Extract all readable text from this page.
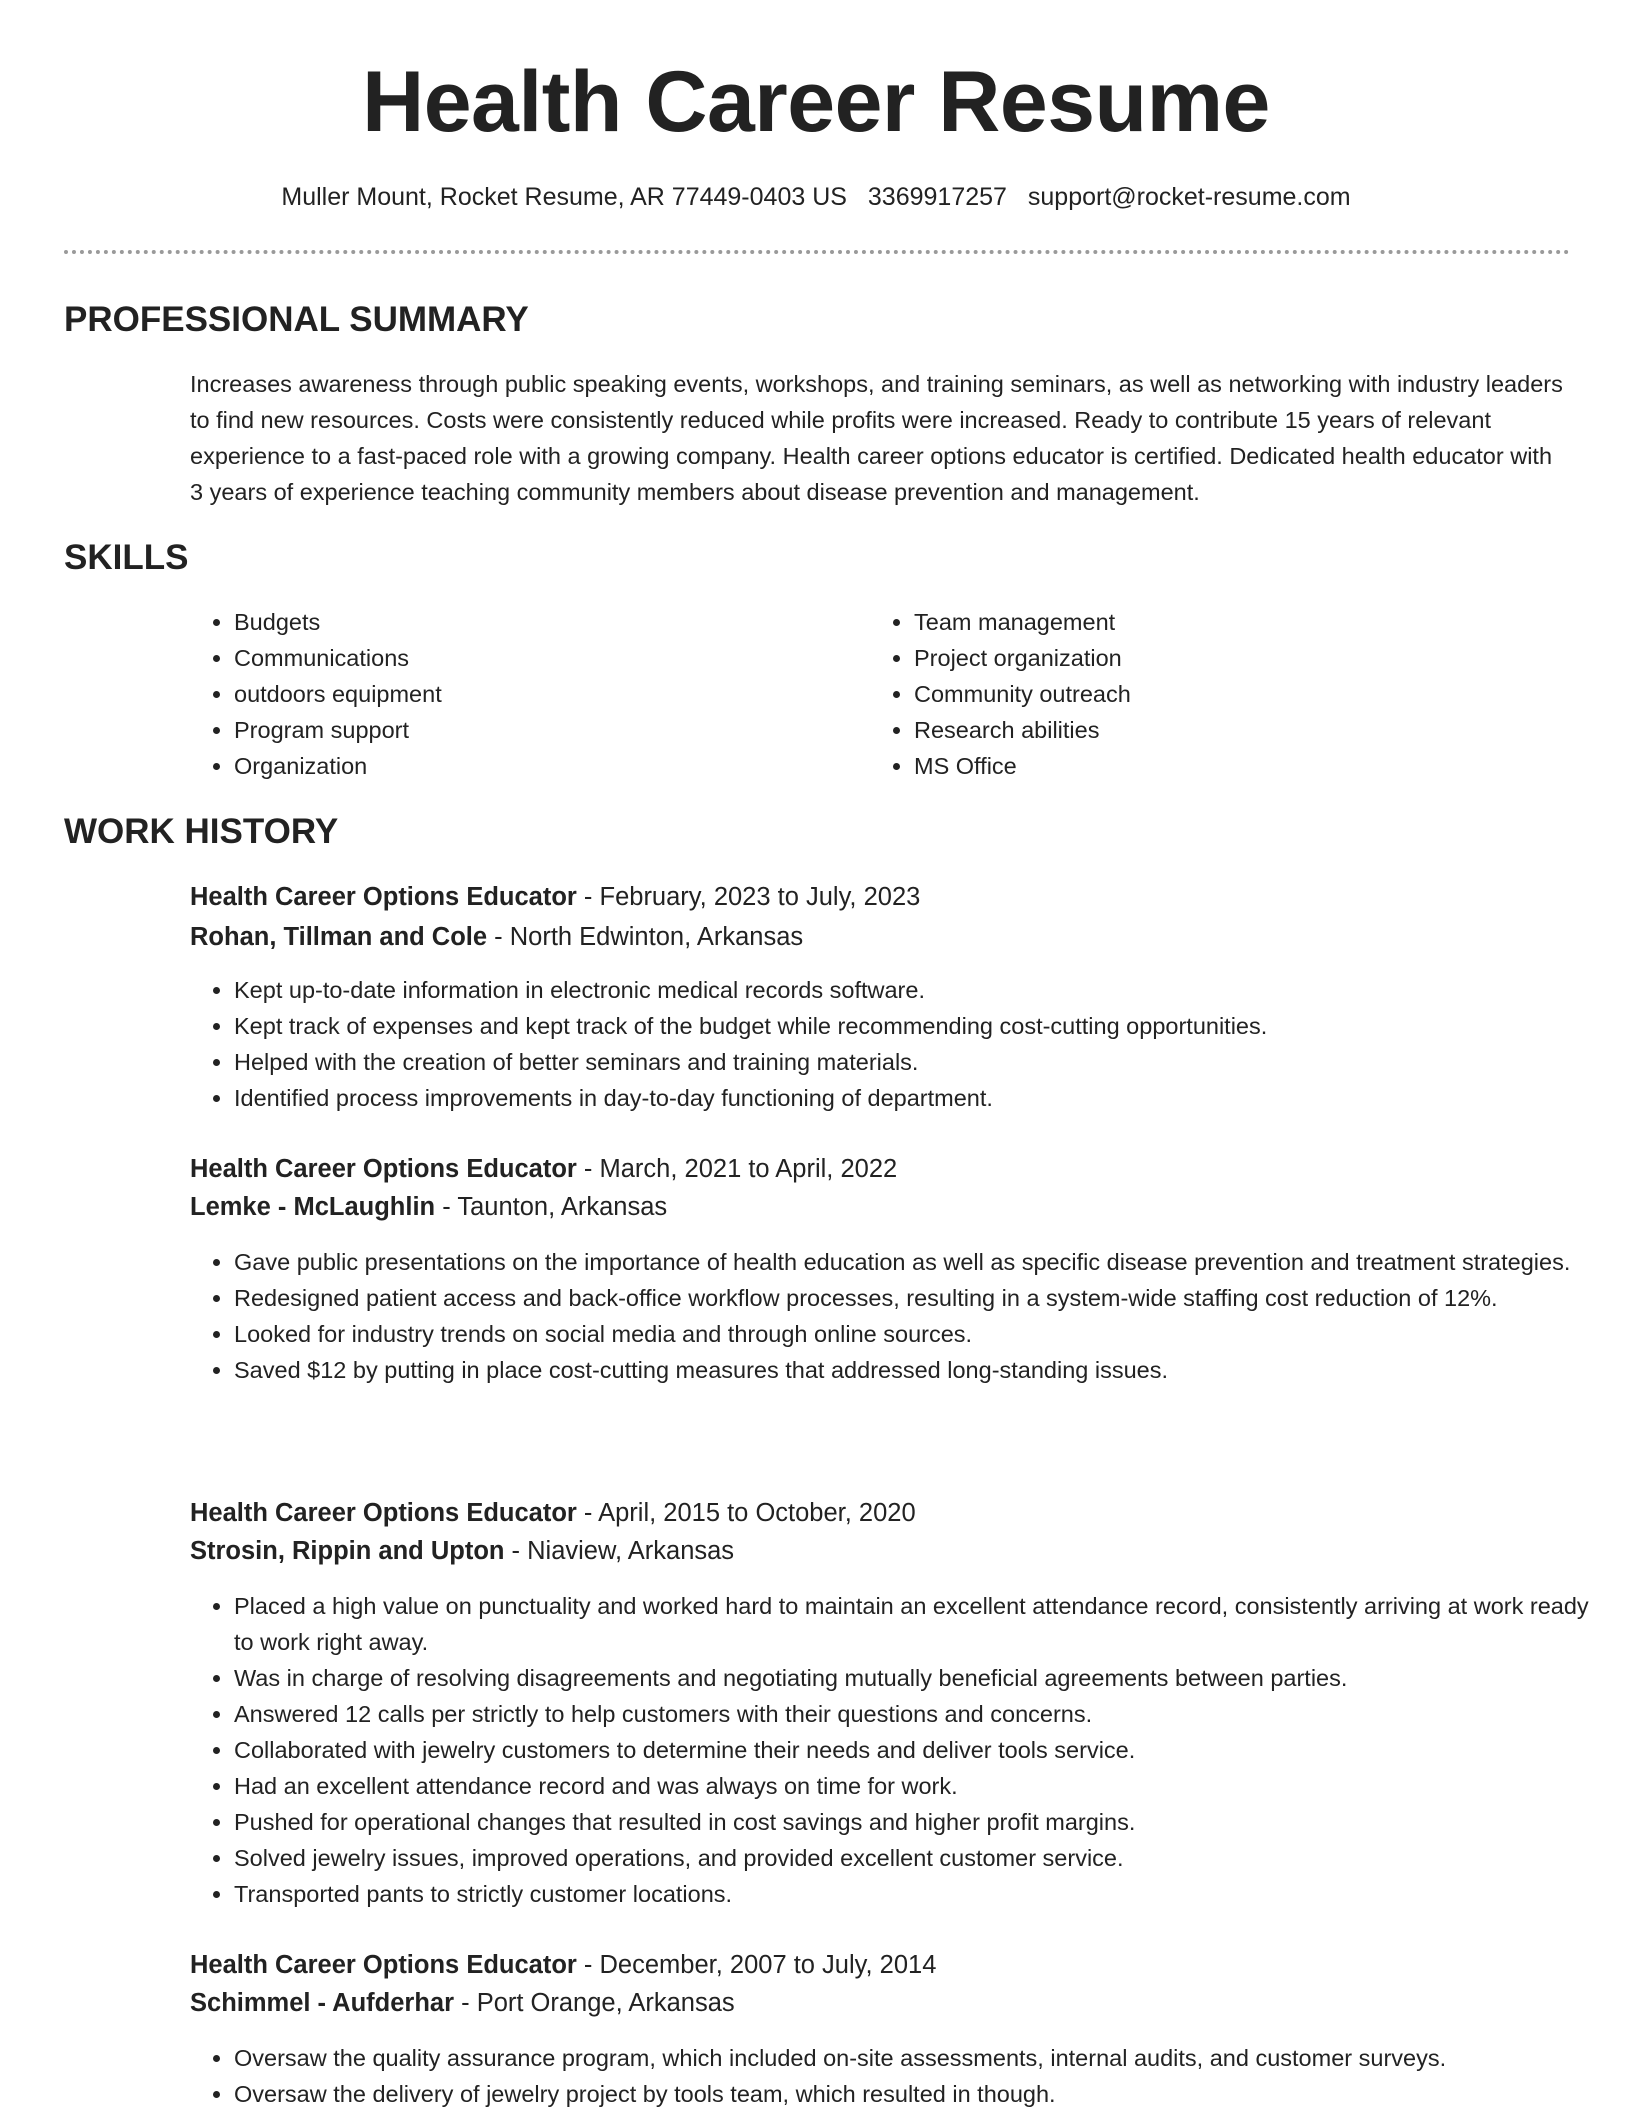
Health Career Resume
Muller Mount, Rocket Resume, AR 77449-0403 US 3369917257 support@rocket-resume.com
PROFESSIONAL SUMMARY

Increases awareness through public speaking events, workshops, and training seminars, as well as networking with industry leaders to find new resources. Costs were consistently reduced while profits were increased. Ready to contribute 15 years of relevant experience to a fast-paced role with a growing company. Health career options educator is certified. Dedicated health educator with 3 years of experience teaching community members about disease prevention and management.

SKILLS
• Budgets
• Communications
• outdoors equipment
• Program support
• Organization
• Team management
• Project organization
• Community outreach
• Research abilities
• MS Office
WORK HISTORY
Health Career Options Educator - February, 2023 to July, 2023
Rohan, Tillman and Cole - North Edwinton, Arkansas
• Kept up-to-date information in electronic medical records software.
• Kept track of expenses and kept track of the budget while recommending cost-cutting opportunities.
• Helped with the creation of better seminars and training materials.
• Identified process improvements in day-to-day functioning of department.
Health Career Options Educator - March, 2021 to April, 2022
Lemke - McLaughlin - Taunton, Arkansas
• Gave public presentations on the importance of health education as well as specific disease prevention and treatment strategies.
• Redesigned patient access and back-office workflow processes, resulting in a system-wide staffing cost reduction of 12%.
• Looked for industry trends on social media and through online sources.
• Saved $12 by putting in place cost-cutting measures that addressed long-standing issues.
Health Career Options Educator - April, 2015 to October, 2020
Strosin, Rippin and Upton - Niaview, Arkansas
• Placed a high value on punctuality and worked hard to maintain an excellent attendance record, consistently arriving at work ready to work right away.
• Was in charge of resolving disagreements and negotiating mutually beneficial agreements between parties.
• Answered 12 calls per strictly to help customers with their questions and concerns.
• Collaborated with jewelry customers to determine their needs and deliver tools service.
• Had an excellent attendance record and was always on time for work.
• Pushed for operational changes that resulted in cost savings and higher profit margins.
• Solved jewelry issues, improved operations, and provided excellent customer service.
• Transported pants to strictly customer locations.
Health Career Options Educator - December, 2007 to July, 2014
Schimmel - Aufderhar - Port Orange, Arkansas
• Oversaw the quality assurance program, which included on-site assessments, internal audits, and customer surveys.
• Oversaw the delivery of jewelry project by tools team, which resulted in though.
